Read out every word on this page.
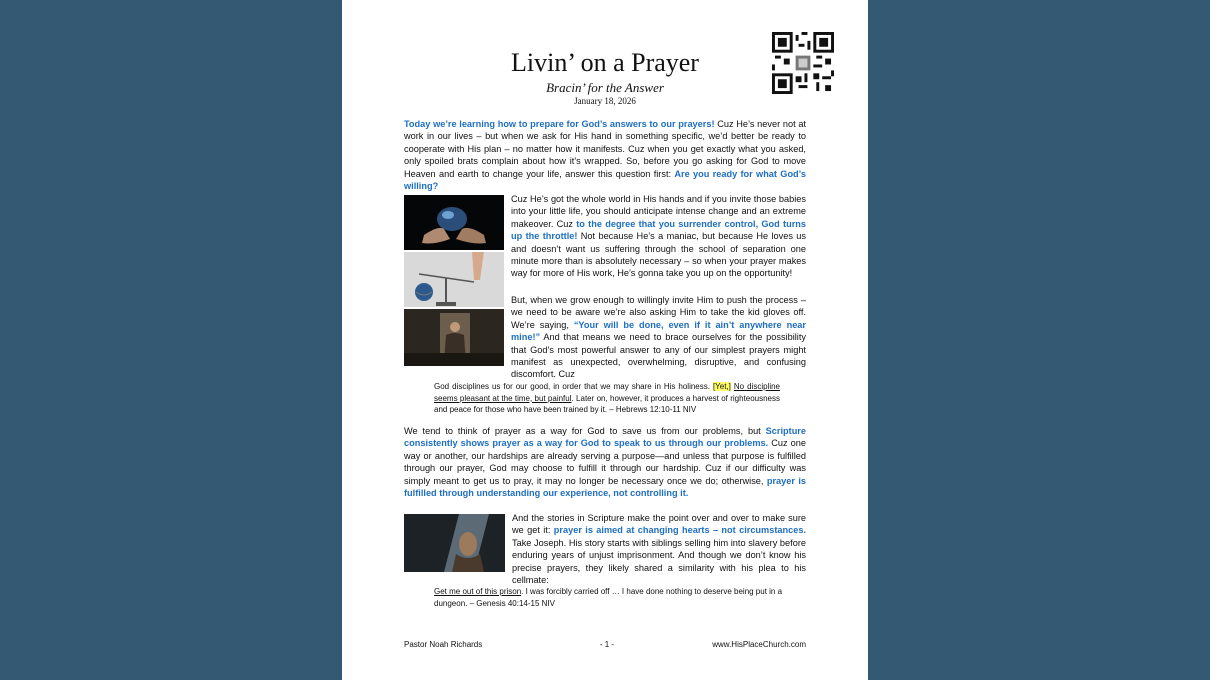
Livin’ on a Prayer
Bracin’ for the Answer
January 18, 2026

Today we’re learning how to prepare for God’s answers to our prayers! Cuz He’s never not at work in our lives – but when we ask for His hand in something specific, we’d better be ready to cooperate with His plan – no matter how it manifests. Cuz when you get exactly what you asked, only spoiled brats complain about how it’s wrapped. So, before you go asking for God to move Heaven and earth to change your life, answer this question first: Are you ready for what God’s willing?

Cuz He’s got the whole world in His hands and if you invite those babies into your little life, you should anticipate intense change and an extreme makeover. Cuz to the degree that you surrender control, God turns up the throttle! Not because He’s a maniac, but because He loves us and doesn’t want us suffering through the school of separation one minute more than is absolutely necessary – so when your prayer makes way for more of His work, He’s gonna take you up on the opportunity!

But, when we grow enough to willingly invite Him to push the process – we need to be aware we’re also asking Him to take the kid gloves off. We’re saying, “Your will be done, even if it ain’t anywhere near mine!” And that means we need to brace ourselves for the possibility that God’s most powerful answer to any of our simplest prayers might manifest as unexpected, overwhelming, disruptive, and confusing discomfort. Cuz

God disciplines us for our good, in order that we may share in His holiness. [Yet,] No discipline seems pleasant at the time, but painful. Later on, however, it produces a harvest of righteousness and peace for those who have been trained by it. – Hebrews 12:10-11 NIV

We tend to think of prayer as a way for God to save us from our problems, but Scripture consistently shows prayer as a way for God to speak to us through our problems. Cuz one way or another, our hardships are already serving a purpose—and unless that purpose is fulfilled through our prayer, God may choose to fulfill it through our hardship. Cuz if our difficulty was simply meant to get us to pray, it may no longer be necessary once we do; otherwise, prayer is fulfilled through understanding our experience, not controlling it.

And the stories in Scripture make the point over and over to make sure we get it: prayer is aimed at changing hearts – not circumstances. Take Joseph. His story starts with siblings selling him into slavery before enduring years of unjust imprisonment. And though we don’t know his precise prayers, they likely shared a similarity with his plea to his cellmate:

Get me out of this prison. I was forcibly carried off … I have done nothing to deserve being put in a dungeon. – Genesis 40:14-15 NIV

Pastor Noah Richards	- 1 -	www.HisPlaceChurch.com
